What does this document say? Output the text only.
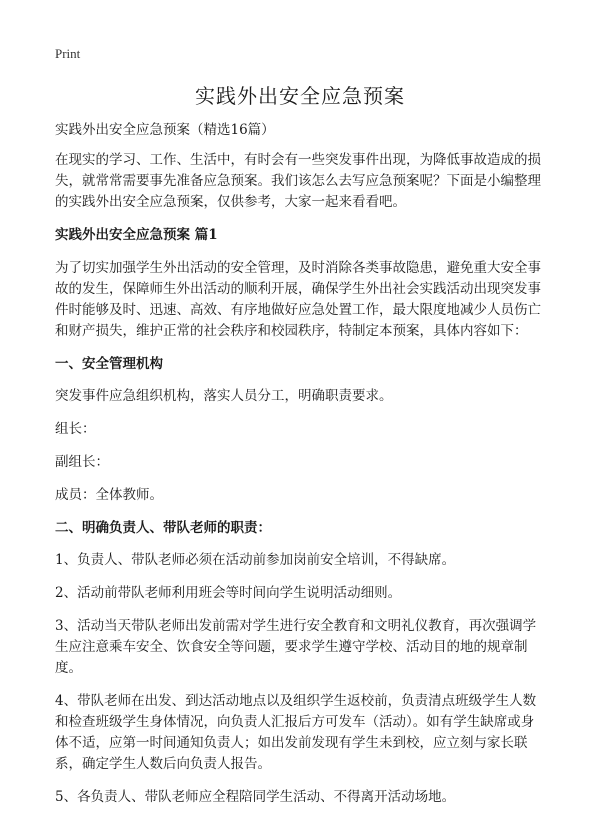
Print
实践外出安全应急预案

实践外出安全应急预案（精选16篇）

在现实的学习、工作、生活中，有时会有一些突发事件出现，为降低事故造成的损失，就常常需要事先准备应急预案。我们该怎么去写应急预案呢？下面是小编整理的实践外出安全应急预案，仅供参考，大家一起来看看吧。

实践外出安全应急预案 篇1

为了切实加强学生外出活动的安全管理，及时消除各类事故隐患，避免重大安全事故的发生，保障师生外出活动的顺利开展，确保学生外出社会实践活动出现突发事件时能够及时、迅速、高效、有序地做好应急处置工作，最大限度地减少人员伤亡和财产损失，维护正常的社会秩序和校园秩序，特制定本预案，具体内容如下：

一、安全管理机构

突发事件应急组织机构，落实人员分工，明确职责要求。

组长：

副组长：

成员：全体教师。

二、明确负责人、带队老师的职责：

1、负责人、带队老师必须在活动前参加岗前安全培训，不得缺席。

2、活动前带队老师利用班会等时间向学生说明活动细则。

3、活动当天带队老师出发前需对学生进行安全教育和文明礼仪教育，再次强调学生应注意乘车安全、饮食安全等问题，要求学生遵守学校、活动目的地的规章制度。

4、带队老师在出发、到达活动地点以及组织学生返校前，负责清点班级学生人数和检查班级学生身体情况，向负责人汇报后方可发车（活动）。如有学生缺席或身体不适，应第一时间通知负责人；如出发前发现有学生未到校，应立刻与家长联系，确定学生人数后向负责人报告。

5、各负责人、带队老师应全程陪同学生活动、不得离开活动场地。
